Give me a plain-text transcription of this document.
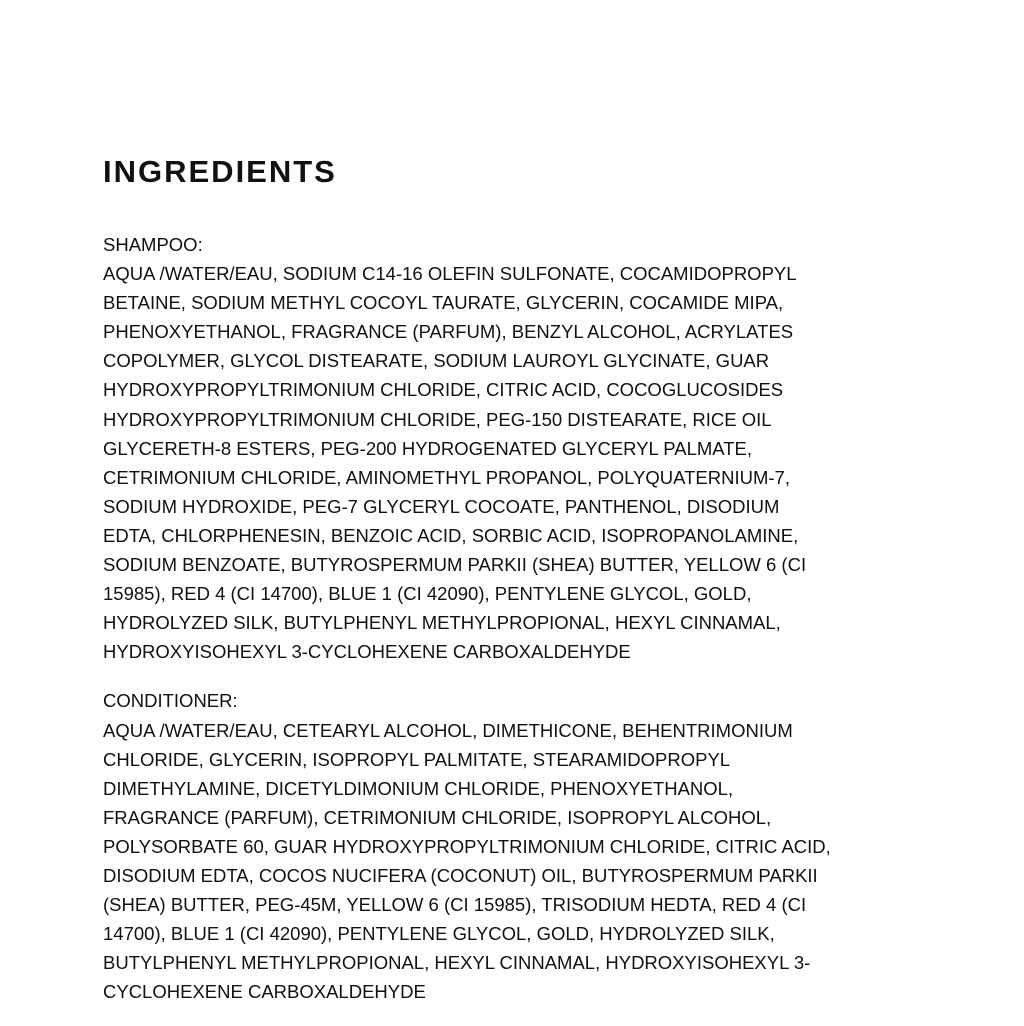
INGREDIENTS
SHAMPOO:
AQUA /WATER/EAU, SODIUM C14-16 OLEFIN SULFONATE, COCAMIDOPROPYL
BETAINE, SODIUM METHYL COCOYL TAURATE, GLYCERIN, COCAMIDE MIPA,
PHENOXYETHANOL, FRAGRANCE (PARFUM), BENZYL ALCOHOL, ACRYLATES
COPOLYMER, GLYCOL DISTEARATE, SODIUM LAUROYL GLYCINATE, GUAR
HYDROXYPROPYLTRIMONIUM CHLORIDE, CITRIC ACID, COCOGLUCOSIDES
HYDROXYPROPYLTRIMONIUM CHLORIDE, PEG-150 DISTEARATE, RICE OIL
GLYCERETH-8 ESTERS, PEG-200 HYDROGENATED GLYCERYL PALMATE,
CETRIMONIUM CHLORIDE, AMINOMETHYL PROPANOL, POLYQUATERNIUM-7,
SODIUM HYDROXIDE, PEG-7 GLYCERYL COCOATE, PANTHENOL, DISODIUM
EDTA, CHLORPHENESIN, BENZOIC ACID, SORBIC ACID, ISOPROPANOLAMINE,
SODIUM BENZOATE, BUTYROSPERMUM PARKII (SHEA) BUTTER, YELLOW 6 (CI
15985), RED 4 (CI 14700), BLUE 1 (CI 42090), PENTYLENE GLYCOL, GOLD,
HYDROLYZED SILK, BUTYLPHENYL METHYLPROPIONAL, HEXYL CINNAMAL,
HYDROXYISOHEXYL 3-CYCLOHEXENE CARBOXALDEHYDE
CONDITIONER:
AQUA /WATER/EAU, CETEARYL ALCOHOL, DIMETHICONE, BEHENTRIMONIUM
CHLORIDE, GLYCERIN, ISOPROPYL PALMITATE, STEARAMIDOPROPYL
DIMETHYLAMINE, DICETYLDIMONIUM CHLORIDE, PHENOXYETHANOL,
FRAGRANCE (PARFUM), CETRIMONIUM CHLORIDE, ISOPROPYL ALCOHOL,
POLYSORBATE 60, GUAR HYDROXYPROPYLTRIMONIUM CHLORIDE, CITRIC ACID,
DISODIUM EDTA, COCOS NUCIFERA (COCONUT) OIL, BUTYROSPERMUM PARKII
(SHEA) BUTTER, PEG-45M, YELLOW 6 (CI 15985), TRISODIUM HEDTA, RED 4 (CI
14700), BLUE 1 (CI 42090), PENTYLENE GLYCOL, GOLD, HYDROLYZED SILK,
BUTYLPHENYL METHYLPROPIONAL, HEXYL CINNAMAL, HYDROXYISOHEXYL 3-
CYCLOHEXENE CARBOXALDEHYDE
